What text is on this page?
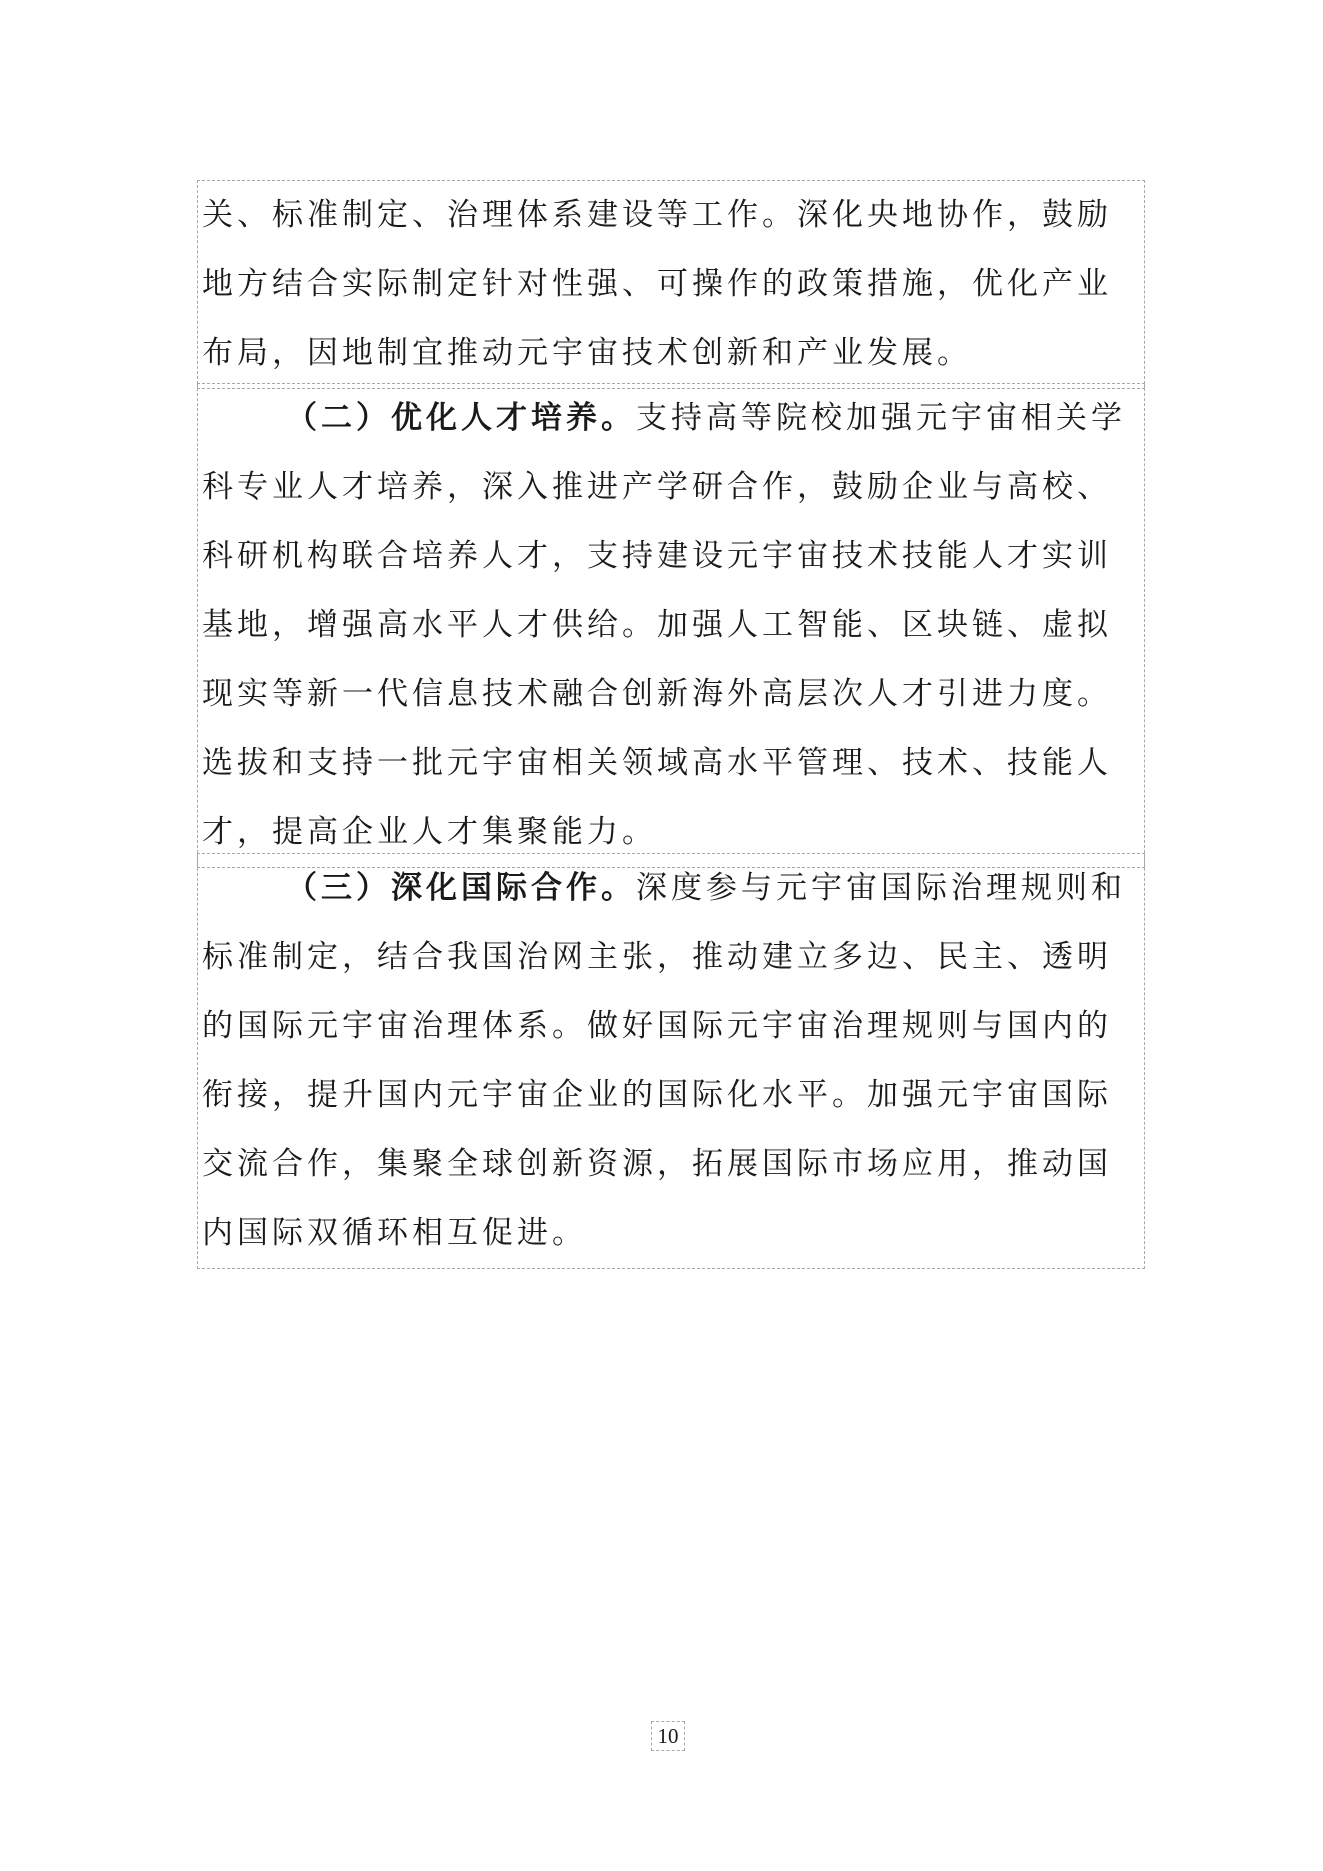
关、标准制定、治理体系建设等工作。深化央地协作，鼓励
地方结合实际制定针对性强、可操作的政策措施，优化产业
布局，因地制宜推动元宇宙技术创新和产业发展。
（二）优化人才培养。支持高等院校加强元宇宙相关学
科专业人才培养，深入推进产学研合作，鼓励企业与高校、
科研机构联合培养人才，支持建设元宇宙技术技能人才实训
基地，增强高水平人才供给。加强人工智能、区块链、虚拟
现实等新一代信息技术融合创新海外高层次人才引进力度。
选拔和支持一批元宇宙相关领域高水平管理、技术、技能人
才，提高企业人才集聚能力。
（三）深化国际合作。深度参与元宇宙国际治理规则和
标准制定，结合我国治网主张，推动建立多边、民主、透明
的国际元宇宙治理体系。做好国际元宇宙治理规则与国内的
衔接，提升国内元宇宙企业的国际化水平。加强元宇宙国际
交流合作，集聚全球创新资源，拓展国际市场应用，推动国
内国际双循环相互促进。
10
